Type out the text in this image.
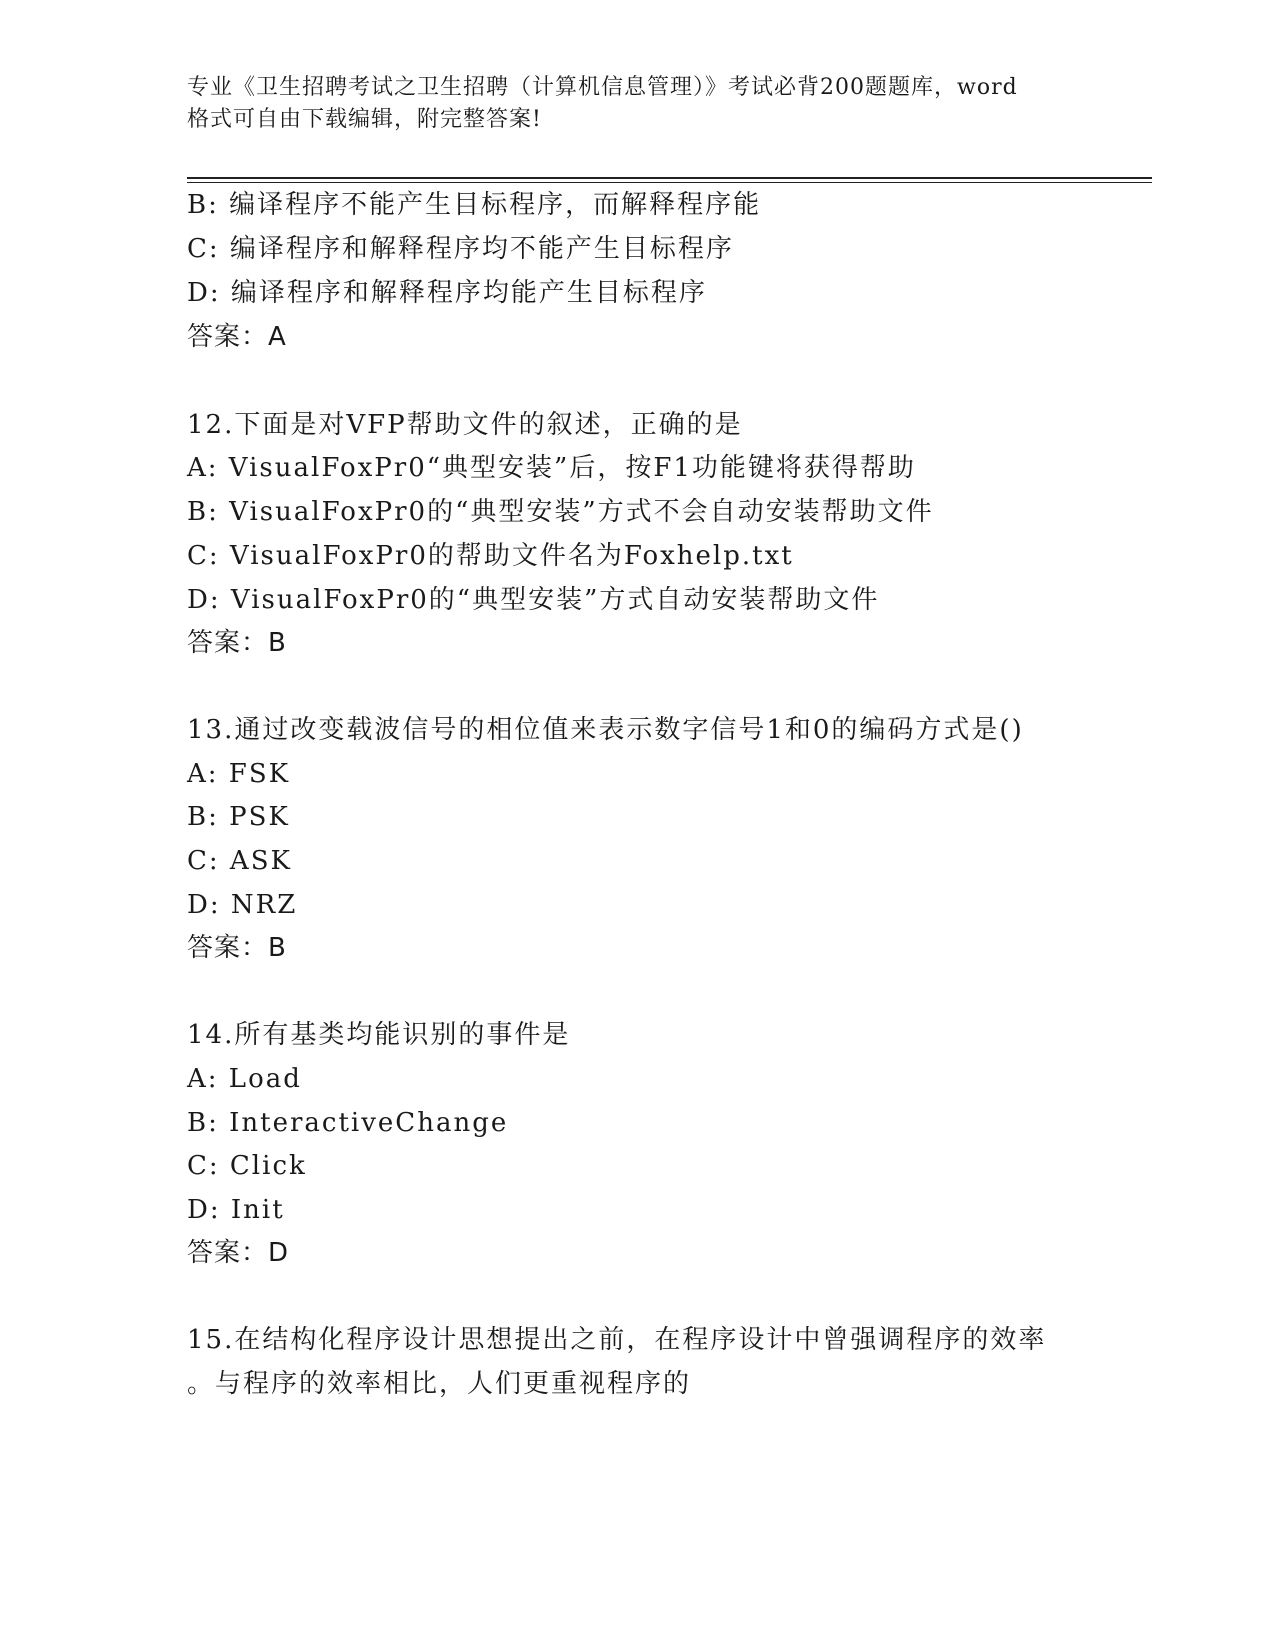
专业《卫生招聘考试之卫生招聘（计算机信息管理）》考试必背200题题库，word
格式可自由下载编辑，附完整答案!
B: 编译程序不能产生目标程序，而解释程序能
C: 编译程序和解释程序均不能产生目标程序
D: 编译程序和解释程序均能产生目标程序
答案：A
12.下面是对VFP帮助文件的叙述，正确的是
A: VisualFoxPr0“典型安装”后，按F1功能键将获得帮助
B: VisualFoxPr0的“典型安装”方式不会自动安装帮助文件
C: VisualFoxPr0的帮助文件名为Foxhelp.txt
D: VisualFoxPr0的“典型安装”方式自动安装帮助文件
答案：B
13.通过改变载波信号的相位值来表示数字信号1和0的编码方式是()
A: FSK
B: PSK
C: ASK
D: NRZ
答案：B
14.所有基类均能识别的事件是
A: Load
B: InteractiveChange
C: Click
D: Init
答案：D
15.在结构化程序设计思想提出之前，在程序设计中曾强调程序的效率
。与程序的效率相比，人们更重视程序的
